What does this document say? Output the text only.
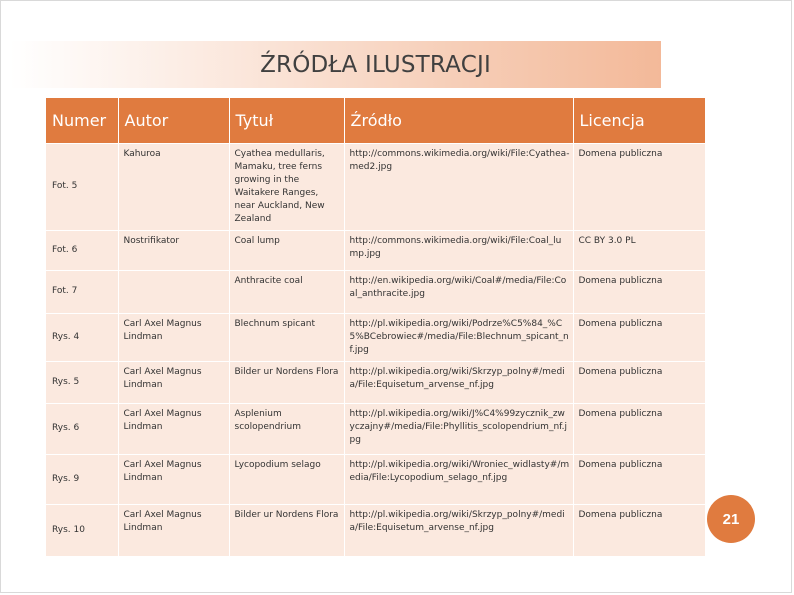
ŹRÓDŁA ILUSTRACJI
Numer	Autor	Tytuł	Źródło	Licencja
Fot. 5	Kahuroa	Cyathea medullaris, Mamaku, tree ferns growing in the Waitakere Ranges, near Auckland, New Zealand	http://commons.wikimedia.org/wiki/File:Cyathea-med2.jpg	Domena publiczna
Fot. 6	Nostrifikator	Coal lump	http://commons.wikimedia.org/wiki/File:Coal_lump.jpg	CC BY 3.0 PL
Fot. 7		Anthracite coal	http://en.wikipedia.org/wiki/Coal#/media/File:Coal_anthracite.jpg	Domena publiczna
Rys. 4	Carl Axel Magnus Lindman	Blechnum spicant	http://pl.wikipedia.org/wiki/Podrze%C5%84_%C5%BCebrowiec#/media/File:Blechnum_spicant_nf.jpg	Domena publiczna
Rys. 5	Carl Axel Magnus Lindman	Bilder ur Nordens Flora	http://pl.wikipedia.org/wiki/Skrzyp_polny#/media/File:Equisetum_arvense_nf.jpg	Domena publiczna
Rys. 6	Carl Axel Magnus Lindman	Asplenium scolopendrium	http://pl.wikipedia.org/wiki/J%C4%99zycznik_zwyczajny#/media/File:Phyllitis_scolopendrium_nf.jpg	Domena publiczna
Rys. 9	Carl Axel Magnus Lindman	Lycopodium selago	http://pl.wikipedia.org/wiki/Wroniec_widlasty#/media/File:Lycopodium_selago_nf.jpg	Domena publiczna
Rys. 10	Carl Axel Magnus Lindman	Bilder ur Nordens Flora	http://pl.wikipedia.org/wiki/Skrzyp_polny#/media/File:Equisetum_arvense_nf.jpg	Domena publiczna	21
